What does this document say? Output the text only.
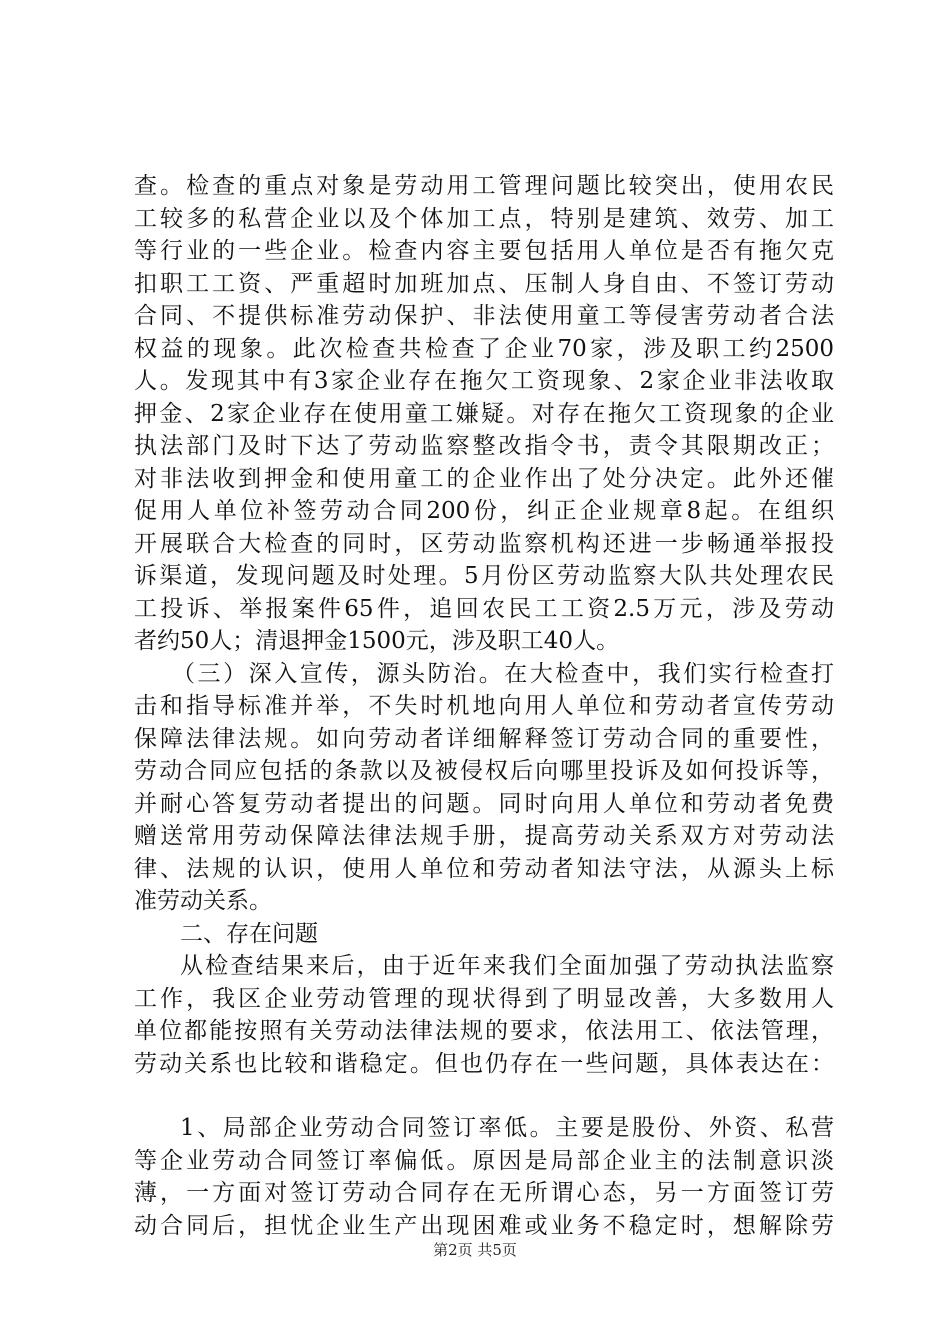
查。检查的重点对象是劳动用工管理问题比较突出，使用农民
工较多的私营企业以及个体加工点，特别是建筑、效劳、加工
等行业的一些企业。检查内容主要包括用人单位是否有拖欠克
扣职工工资、严重超时加班加点、压制人身自由、不签订劳动
合同、不提供标准劳动保护、非法使用童工等侵害劳动者合法
权益的现象。此次检查共检查了企业70家，涉及职工约2500
人。发现其中有3家企业存在拖欠工资现象、2家企业非法收取
押金、2家企业存在使用童工嫌疑。对存在拖欠工资现象的企业
执法部门及时下达了劳动监察整改指令书，责令其限期改正；
对非法收到押金和使用童工的企业作出了处分决定。此外还催
促用人单位补签劳动合同200份，纠正企业规章8起。在组织
开展联合大检查的同时，区劳动监察机构还进一步畅通举报投
诉渠道，发现问题及时处理。5月份区劳动监察大队共处理农民
工投诉、举报案件65件，追回农民工工资2.5万元，涉及劳动
者约50人；清退押金1500元，涉及职工40人。
（三）深入宣传，源头防治。在大检查中，我们实行检查打
击和指导标准并举，不失时机地向用人单位和劳动者宣传劳动
保障法律法规。如向劳动者详细解释签订劳动合同的重要性，
劳动合同应包括的条款以及被侵权后向哪里投诉及如何投诉等，
并耐心答复劳动者提出的问题。同时向用人单位和劳动者免费
赠送常用劳动保障法律法规手册，提高劳动关系双方对劳动法
律、法规的认识，使用人单位和劳动者知法守法，从源头上标
准劳动关系。
二、存在问题
从检查结果来后，由于近年来我们全面加强了劳动执法监察
工作，我区企业劳动管理的现状得到了明显改善，大多数用人
单位都能按照有关劳动法律法规的要求，依法用工、依法管理，
劳动关系也比较和谐稳定。但也仍存在一些问题，具体表达在：
1、局部企业劳动合同签订率低。主要是股份、外资、私营
等企业劳动合同签订率偏低。原因是局部企业主的法制意识淡
薄，一方面对签订劳动合同存在无所谓心态，另一方面签订劳
动合同后，担忧企业生产出现困难或业务不稳定时，想解除劳
第2页 共5页
